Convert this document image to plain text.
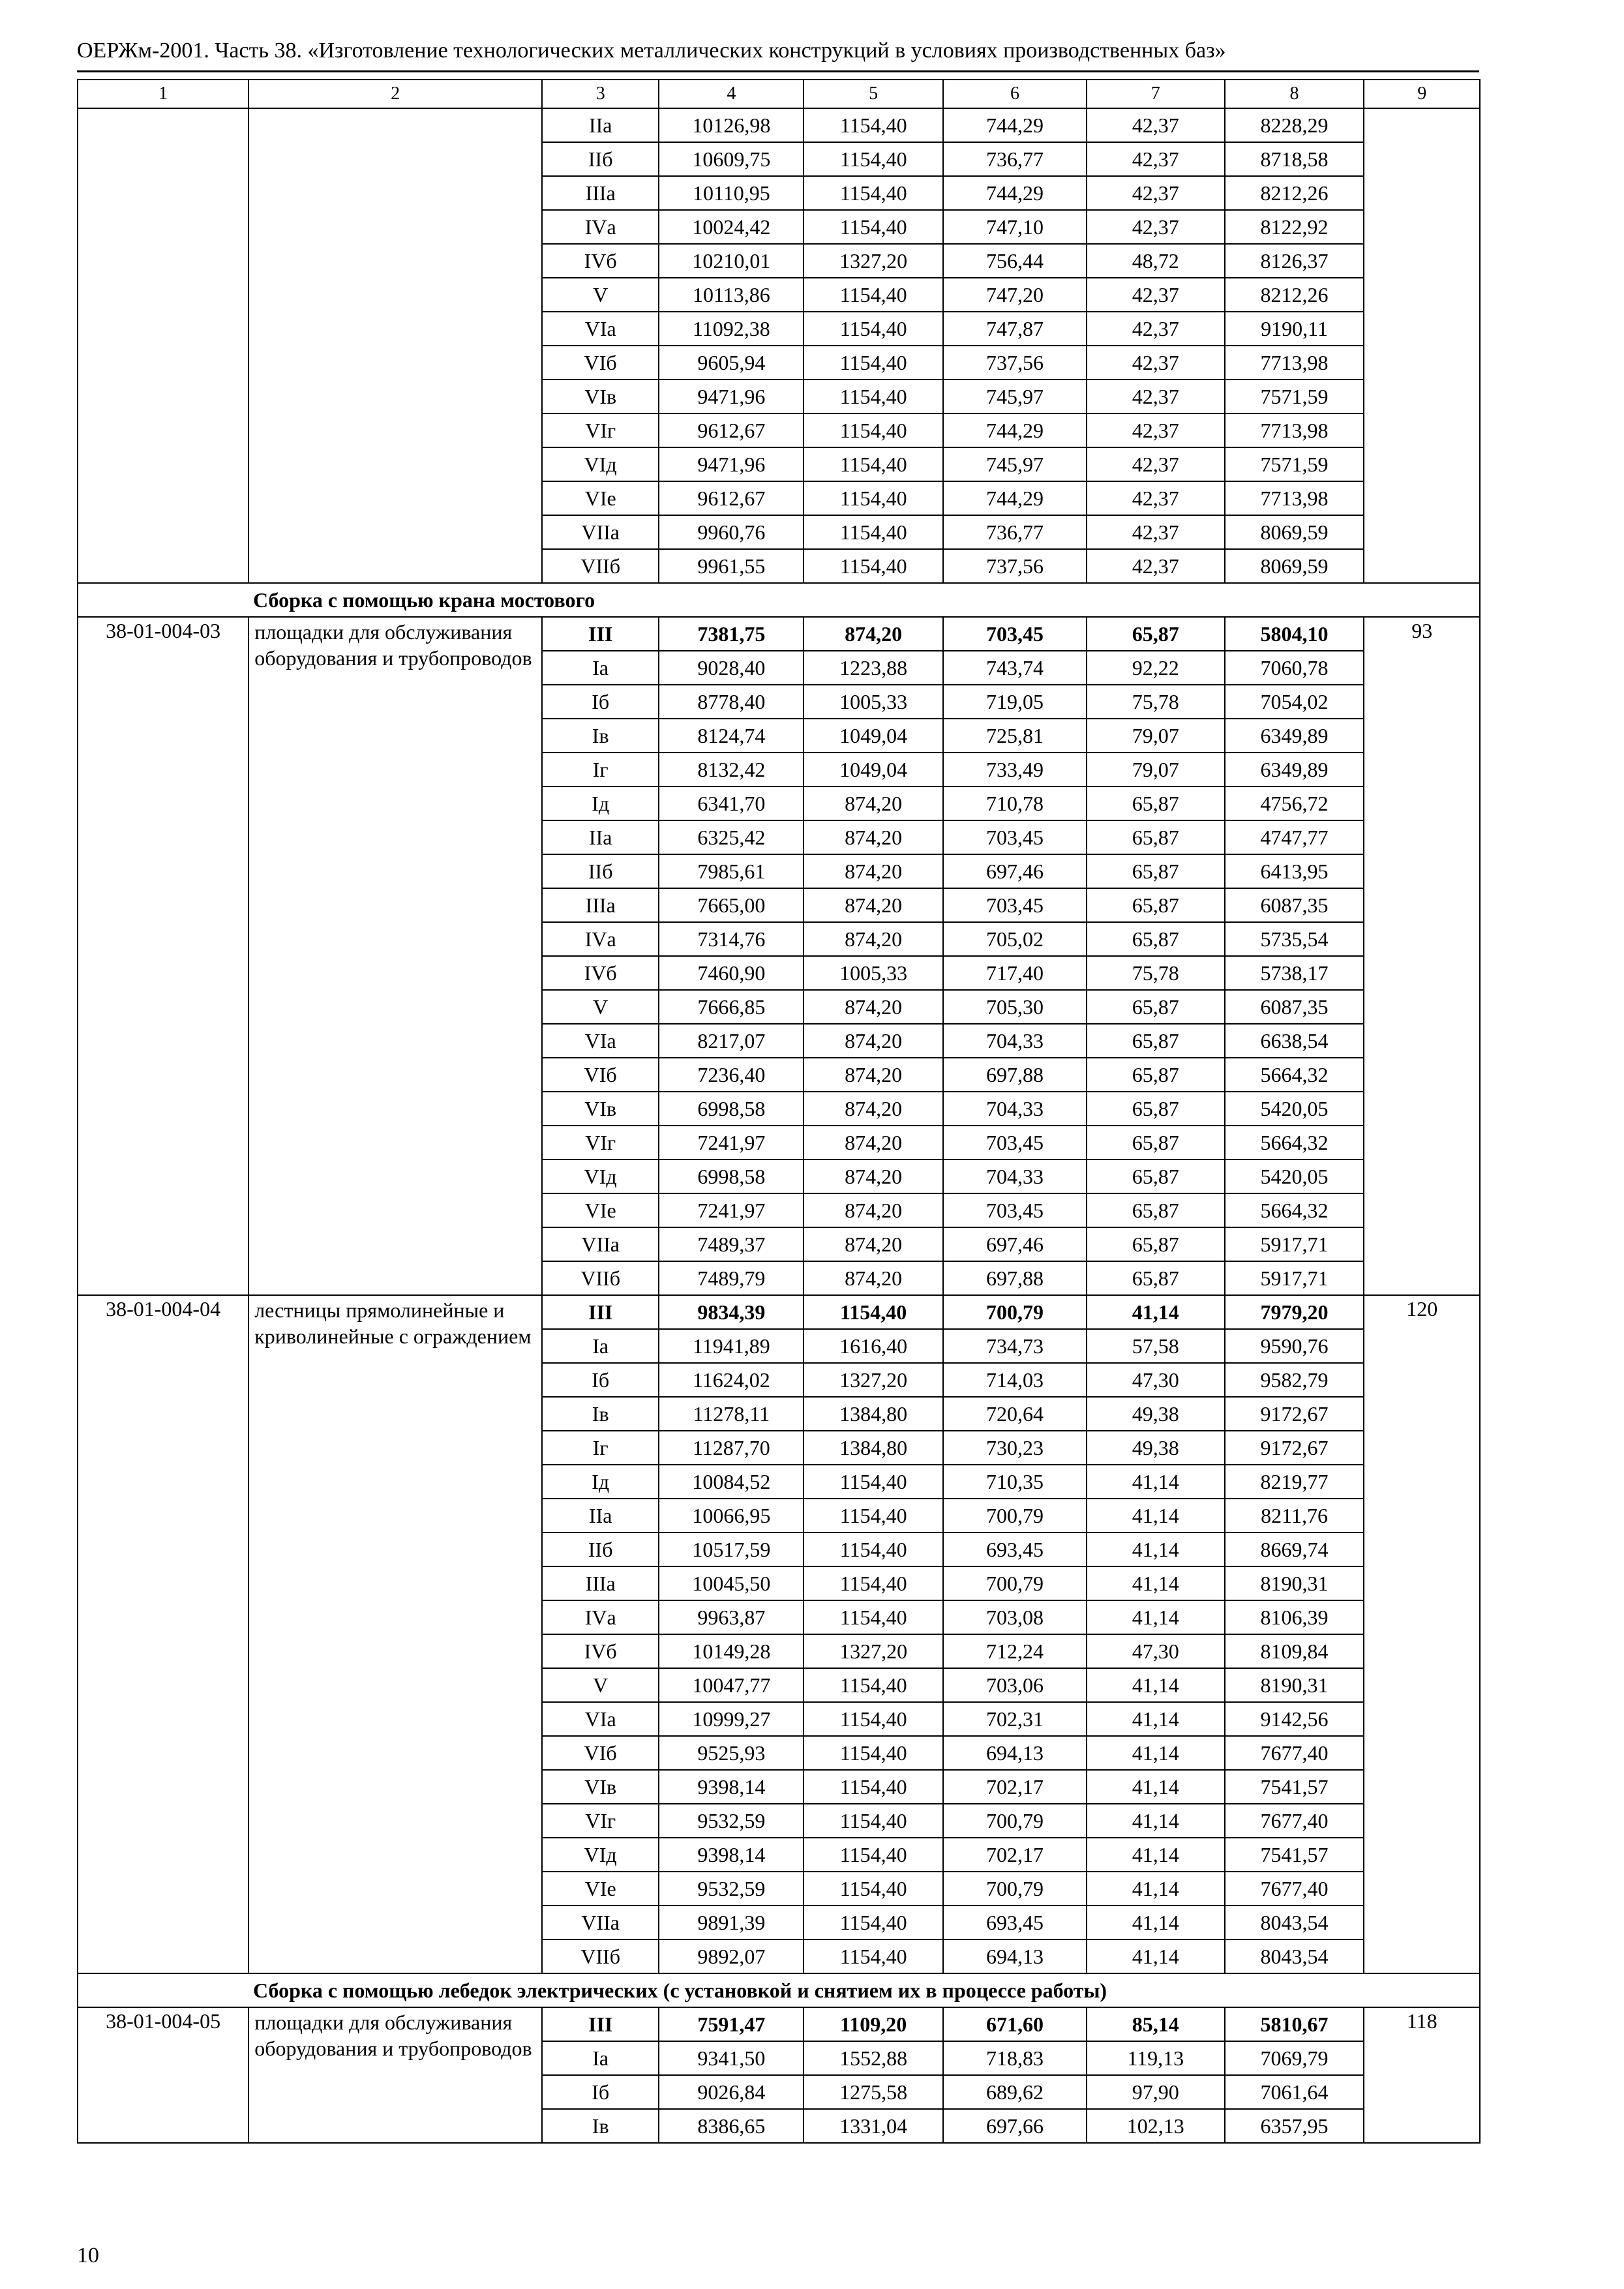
ОЕРЖм-2001. Часть 38. «Изготовление технологических металлических конструкций в условиях производственных баз»
1	2	3	4	5	6	7	8	9
		IIа	10126,98	1154,40	744,29	42,37	8228,29	
		IIб	10609,75	1154,40	736,77	42,37	8718,58	
		IIIа	10110,95	1154,40	744,29	42,37	8212,26	
		IVа	10024,42	1154,40	747,10	42,37	8122,92	
		IVб	10210,01	1327,20	756,44	48,72	8126,37	
		V	10113,86	1154,40	747,20	42,37	8212,26	
		VIа	11092,38	1154,40	747,87	42,37	9190,11	
		VIб	9605,94	1154,40	737,56	42,37	7713,98	
		VIв	9471,96	1154,40	745,97	42,37	7571,59	
		VIг	9612,67	1154,40	744,29	42,37	7713,98	
		VIд	9471,96	1154,40	745,97	42,37	7571,59	
		VIе	9612,67	1154,40	744,29	42,37	7713,98	
		VIIа	9960,76	1154,40	736,77	42,37	8069,59	
		VIIб	9961,55	1154,40	737,56	42,37	8069,59	
Сборка с помощью крана мостового								
38-01-004-03	площадки для обслуживания оборудования и трубопроводов	III	7381,75	874,20	703,45	65,87	5804,10	93
		Iа	9028,40	1223,88	743,74	92,22	7060,78	
		Iб	8778,40	1005,33	719,05	75,78	7054,02	
		Iв	8124,74	1049,04	725,81	79,07	6349,89	
		Iг	8132,42	1049,04	733,49	79,07	6349,89	
		Iд	6341,70	874,20	710,78	65,87	4756,72	
		IIа	6325,42	874,20	703,45	65,87	4747,77	
		IIб	7985,61	874,20	697,46	65,87	6413,95	
		IIIа	7665,00	874,20	703,45	65,87	6087,35	
		IVа	7314,76	874,20	705,02	65,87	5735,54	
		IVб	7460,90	1005,33	717,40	75,78	5738,17	
		V	7666,85	874,20	705,30	65,87	6087,35	
		VIа	8217,07	874,20	704,33	65,87	6638,54	
		VIб	7236,40	874,20	697,88	65,87	5664,32	
		VIв	6998,58	874,20	704,33	65,87	5420,05	
		VIг	7241,97	874,20	703,45	65,87	5664,32	
		VIд	6998,58	874,20	704,33	65,87	5420,05	
		VIе	7241,97	874,20	703,45	65,87	5664,32	
		VIIа	7489,37	874,20	697,46	65,87	5917,71	
		VIIб	7489,79	874,20	697,88	65,87	5917,71	
38-01-004-04	лестницы прямолинейные и криволинейные с ограждением	III	9834,39	1154,40	700,79	41,14	7979,20	120
		Iа	11941,89	1616,40	734,73	57,58	9590,76	
		Iб	11624,02	1327,20	714,03	47,30	9582,79	
		Iв	11278,11	1384,80	720,64	49,38	9172,67	
		Iг	11287,70	1384,80	730,23	49,38	9172,67	
		Iд	10084,52	1154,40	710,35	41,14	8219,77	
		IIа	10066,95	1154,40	700,79	41,14	8211,76	
		IIб	10517,59	1154,40	693,45	41,14	8669,74	
		IIIа	10045,50	1154,40	700,79	41,14	8190,31	
		IVа	9963,87	1154,40	703,08	41,14	8106,39	
		IVб	10149,28	1327,20	712,24	47,30	8109,84	
		V	10047,77	1154,40	703,06	41,14	8190,31	
		VIа	10999,27	1154,40	702,31	41,14	9142,56	
		VIб	9525,93	1154,40	694,13	41,14	7677,40	
		VIв	9398,14	1154,40	702,17	41,14	7541,57	
		VIг	9532,59	1154,40	700,79	41,14	7677,40	
		VIд	9398,14	1154,40	702,17	41,14	7541,57	
		VIе	9532,59	1154,40	700,79	41,14	7677,40	
		VIIа	9891,39	1154,40	693,45	41,14	8043,54	
		VIIб	9892,07	1154,40	694,13	41,14	8043,54	
Сборка с помощью лебедок электрических (с установкой и снятием их в процессе работы)								
38-01-004-05	площадки для обслуживания оборудования и трубопроводов	III	7591,47	1109,20	671,60	85,14	5810,67	118
		Iа	9341,50	1552,88	718,83	119,13	7069,79	
		Iб	9026,84	1275,58	689,62	97,90	7061,64	
		Iв	8386,65	1331,04	697,66	102,13	6357,95	
10
